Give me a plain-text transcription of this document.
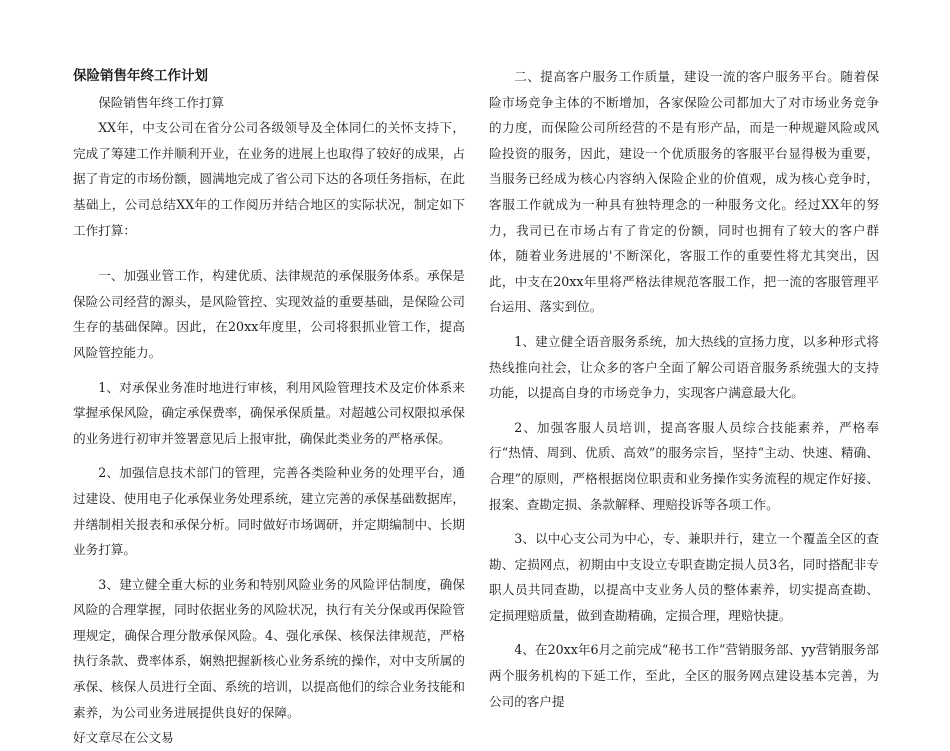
保险销售年终工作计划

保险销售年终工作打算

XX年，中支公司在省分公司各级领导及全体同仁的关怀支持下，完成了筹建工作并顺利开业，在业务的进展上也取得了较好的成果，占据了肯定的市场份额，圆满地完成了省公司下达的各项任务指标，在此基础上，公司总结XX年的工作阅历并结合地区的实际状况，制定如下工作打算：

一、加强业管工作，构建优质、法律规范的承保服务体系。承保是保险公司经营的源头，是风险管控、实现效益的重要基础，是保险公司生存的基础保障。因此，在20xx年度里，公司将狠抓业管工作，提高风险管控能力。

1、对承保业务准时地进行审核，利用风险管理技术及定价体系来掌握承保风险，确定承保费率，确保承保质量。对超越公司权限拟承保的业务进行初审并签署意见后上报审批，确保此类业务的严格承保。

2、加强信息技术部门的管理，完善各类险种业务的处理平台，通过建设、使用电子化承保业务处理系统，建立完善的承保基础数据库，并缮制相关报表和承保分析。同时做好市场调研，并定期编制中、长期业务打算。

3、建立健全重大标的业务和特别风险业务的风险评估制度，确保风险的合理掌握，同时依据业务的风险状况，执行有关分保或再保险管理规定，确保合理分散承保风险。4、强化承保、核保法律规范，严格执行条款、费率体系，娴熟把握新核心业务系统的操作，对中支所属的承保、核保人员进行全面、系统的培训，以提高他们的综合业务技能和素养，为公司业务进展提供良好的保障。

好文章尽在公文易

二、提高客户服务工作质量，建设一流的客户服务平台。随着保险市场竞争主体的不断增加，各家保险公司都加大了对市场业务竞争的力度，而保险公司所经营的不是有形产品，而是一种规避风险或风险投资的服务，因此，建设一个优质服务的客服平台显得极为重要，当服务已经成为核心内容纳入保险企业的价值观，成为核心竞争时，客服工作就成为一种具有独特理念的一种服务文化。经过XX年的努力，我司已在市场占有了肯定的份额，同时也拥有了较大的客户群体，随着业务进展的'不断深化，客服工作的重要性将尤其突出，因此，中支在20xx年里将严格法律规范客服工作，把一流的客服管理平台运用、落实到位。

1、建立健全语音服务系统，加大热线的宣扬力度，以多种形式将热线推向社会，让众多的客户全面了解公司语音服务系统强大的支持功能，以提高自身的市场竞争力，实现客户满意最大化。

2、加强客服人员培训，提高客服人员综合技能素养，严格奉行“热情、周到、优质、高效”的服务宗旨，坚持“主动、快速、精确、合理”的原则，严格根据岗位职责和业务操作实务流程的规定作好接、报案、查勘定损、条款解释、理赔投诉等各项工作。

3、以中心支公司为中心，专、兼职并行，建立一个覆盖全区的查勘、定损网点，初期由中支设立专职查勘定损人员3名，同时搭配非专职人员共同查勘，以提高中支业务人员的整体素养，切实提高查勘、定损理赔质量，做到查勘精确，定损合理，理赔快捷。

4、在20xx年6月之前完成“秘书工作”营销服务部、yy营销服务部两个服务机构的下延工作，至此，全区的服务网点建设基本完善，为公司的客户提
